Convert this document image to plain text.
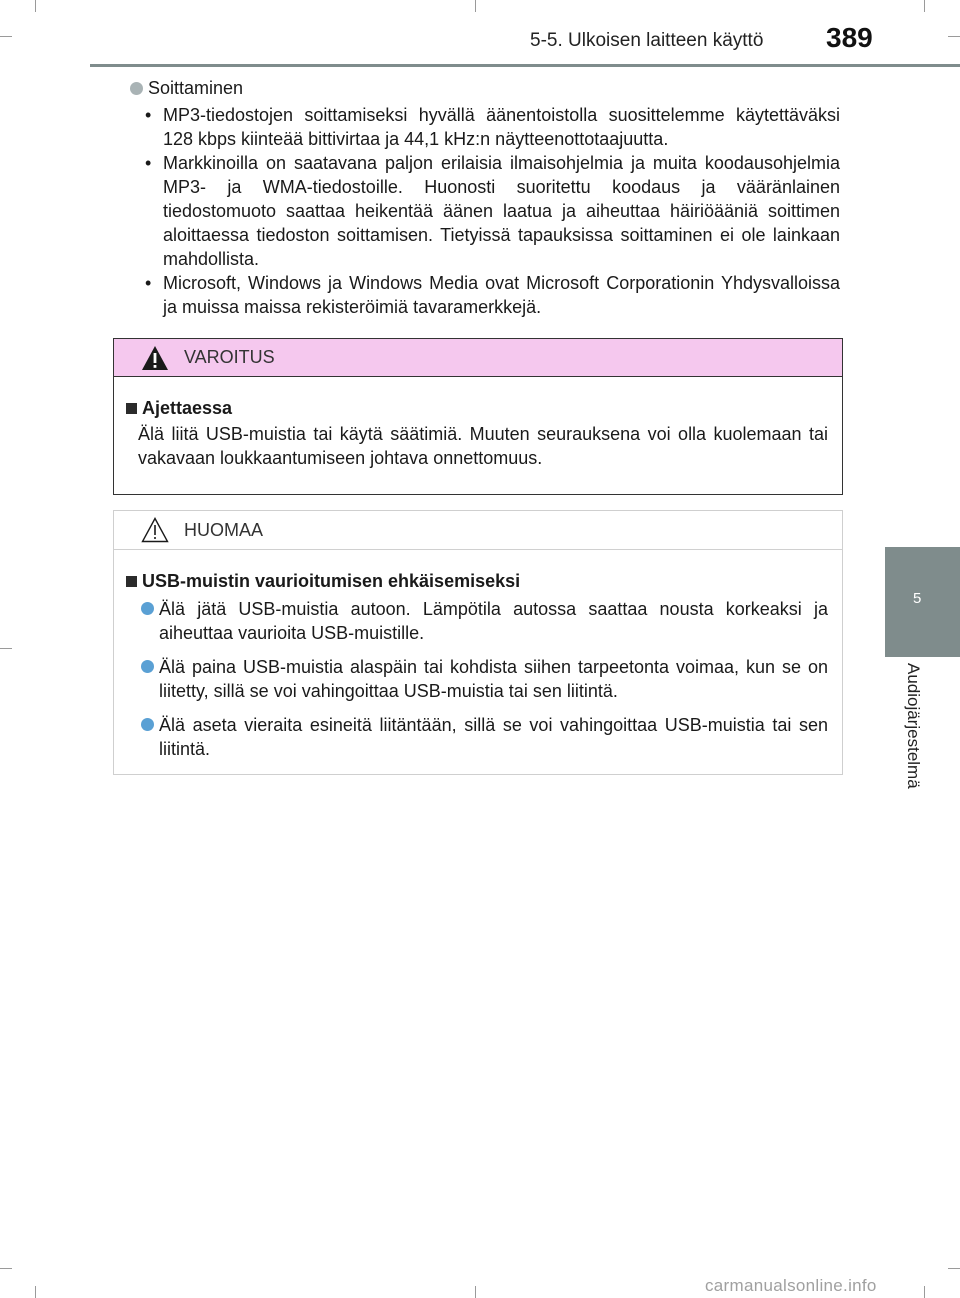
5-5. Ulkoisen laitteen käyttö 389
5
Audiojärjestelmä
Soittaminen
• MP3-tiedostojen soittamiseksi hyvällä äänentoistolla suosittelemme käytettäväksi 128 kbps kiinteää bittivirtaa ja 44,1 kHz:n näytteenottotaajuutta.
• Markkinoilla on saatavana paljon erilaisia ilmaisohjelmia ja muita koodausohjelmia MP3- ja WMA-tiedostoille. Huonosti suoritettu koodaus ja vääränlainen tiedostomuoto saattaa heikentää äänen laatua ja aiheuttaa häiriöääniä soittimen aloittaessa tiedoston soittamisen. Tietyissä tapauksissa soittaminen ei ole lainkaan mahdollista.
• Microsoft, Windows ja Windows Media ovat Microsoft Corporationin Yhdysvalloissa ja muissa maissa rekisteröimiä tavaramerkkejä.
VAROITUS
Ajettaessa
Älä liitä USB-muistia tai käytä säätimiä. Muuten seurauksena voi olla kuolemaan tai vakavaan loukkaantumiseen johtava onnettomuus.
HUOMAA
USB-muistin vaurioitumisen ehkäisemiseksi
Älä jätä USB-muistia autoon. Lämpötila autossa saattaa nousta korkeaksi ja aiheuttaa vaurioita USB-muistille.
Älä paina USB-muistia alaspäin tai kohdista siihen tarpeetonta voimaa, kun se on liitetty, sillä se voi vahingoittaa USB-muistia tai sen liitintä.
Älä aseta vieraita esineitä liitäntään, sillä se voi vahingoittaa USB-muistia tai sen liitintä.
carmanualsonline.info
